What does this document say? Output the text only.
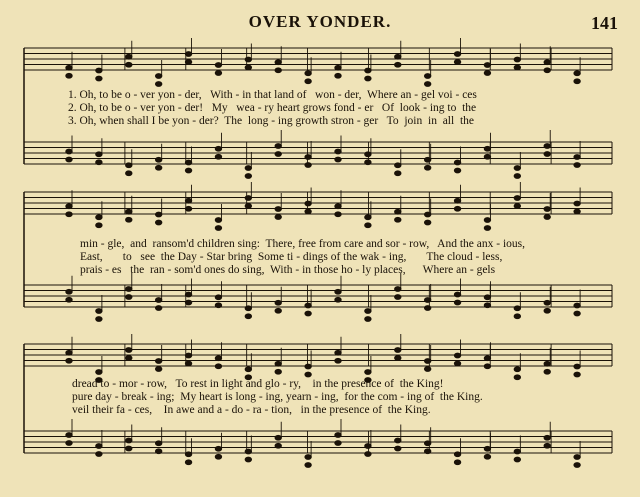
OVER YONDER.	141
1. Oh, to be o - ver yon - der,   With - in that land of   won - der,  Where an - gel voi - ces
2. Oh, to be o - ver yon - der!   My   wea - ry heart grows fond - er   Of  look - ing to  the
3. Oh, when shall I be yon - der?  The  long - ing growth stron - ger   To  join  in  all  the
min - gle,  and  ransom'd children sing:  There, free from care and sor - row,   And the anx - ious,
East,       to   see  the Day - Star bring  Some ti - dings of the wak - ing,       The cloud - less,
prais - es   the  ran - som'd ones do sing,  With - in those ho - ly places,      Where an - gels
dread to - mor - row,   To rest in light and glo - ry,    in the presence of  the King!
pure day - break - ing;  My heart is long - ing, yearn - ing,  for the com - ing of  the King.
veil their fa - ces,    In awe and a - do - ra - tion,   in the presence of  the King.
